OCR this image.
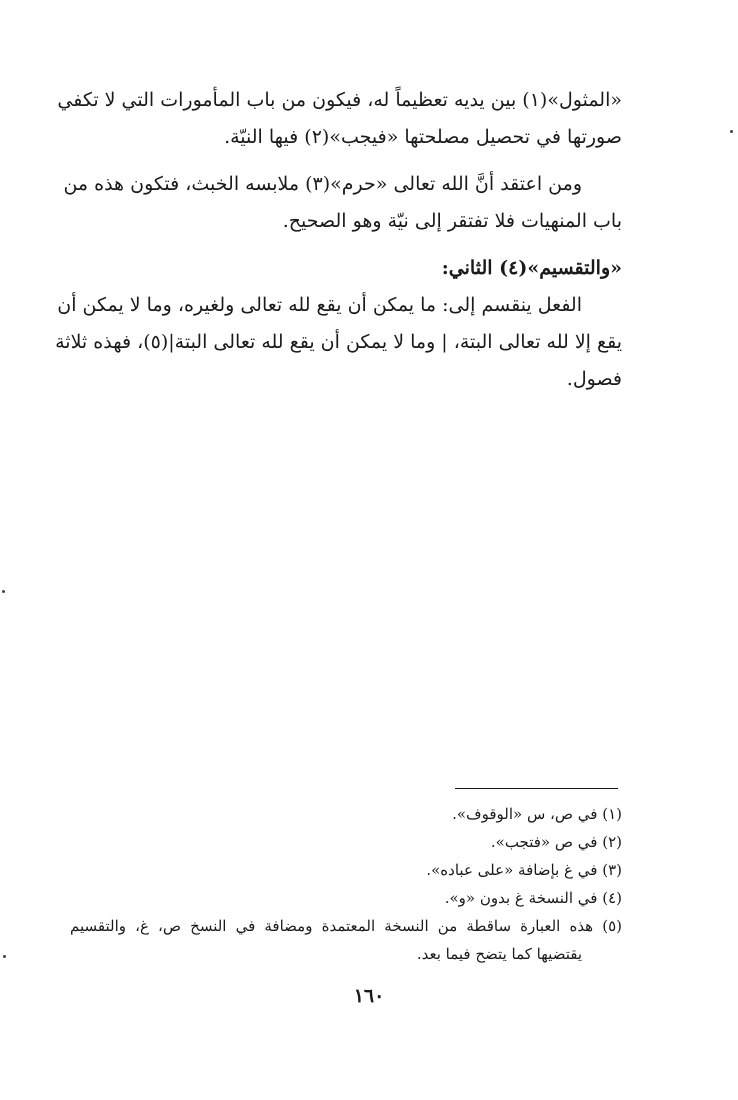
«المثول»(١) بين يديه تعظيماً له، فيكون من باب المأمورات التي لا تكفي
صورتها في تحصيل مصلحتها «فيجب»(٢) فيها النيّة.
ومن اعتقد أنَّ الله تعالى «حرم»(٣) ملابسه الخبث، فتكون هذه من
باب المنهيات فلا تفتقر إلى نيّة وهو الصحيح.
«والتقسيم»(٤) الثاني:
الفعل ينقسم إلى: ما يمكن أن يقع لله تعالى ولغيره، وما لا يمكن أن
يقع إلا لله تعالى البتة، | وما لا يمكن أن يقع لله تعالى البتة|(٥)، فهذه ثلاثة
فصول.
(١) في ص، س «الوقوف».
(٢) في ص «فتجب».
(٣) في غ بإضافة «على عباده».
(٤) في النسخة غ بدون «و».
(٥) هذه العبارة ساقطة من النسخة المعتمدة ومضافة في النسخ ص، غ، والتقسيم
يقتضيها كما يتضح فيما بعد.
١٦٠
